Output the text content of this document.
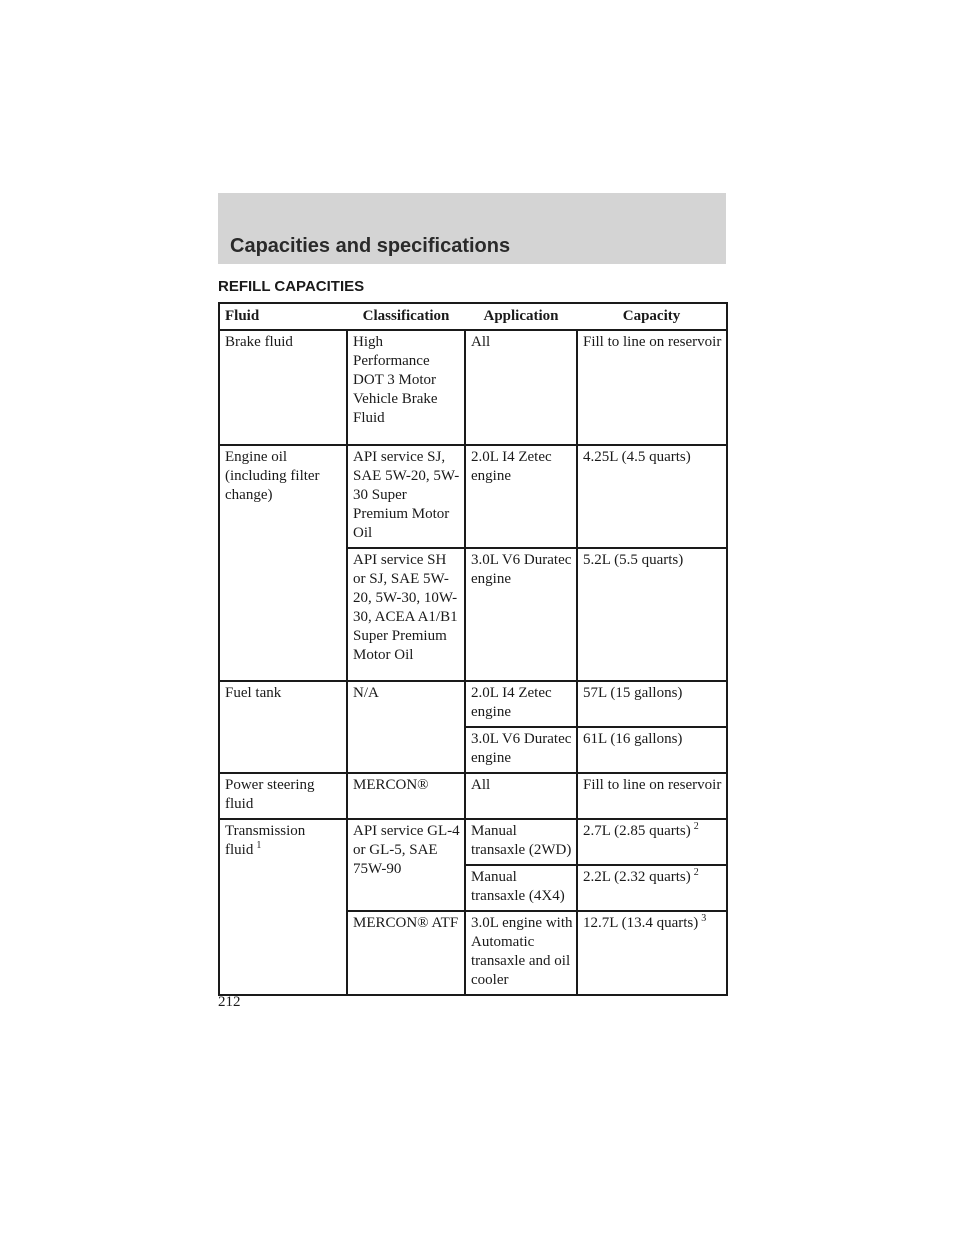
Capacities and specifications
REFILL CAPACITIES
Fluid	Classification	Application	Capacity
Brake fluid	High Performance DOT 3 Motor Vehicle Brake Fluid	All	Fill to line on reservoir
Engine oil (including filter change)	API service SJ, SAE 5W-20, 5W-30 Super Premium Motor Oil	2.0L I4 Zetec engine	4.25L (4.5 quarts)
	API service SH or SJ, SAE 5W-20, 5W-30, 10W-30, ACEA A1/B1 Super Premium Motor Oil	3.0L V6 Duratec engine	5.2L (5.5 quarts)
Fuel tank	N/A	2.0L I4 Zetec engine	57L (15 gallons)
		3.0L V6 Duratec engine	61L (16 gallons)
Power steering fluid	MERCON®	All	Fill to line on reservoir
Transmission fluid $^1$	API service GL-4 or GL-5, SAE 75W-90	Manual transaxle (2WD)	2.7L (2.85 quarts) $^2$
		Manual transaxle (4X4)	2.2L (2.32 quarts) $^2$
	MERCON® ATF	3.0L engine with Automatic transaxle and oil cooler	12.7L (13.4 quarts) $^3$
212
